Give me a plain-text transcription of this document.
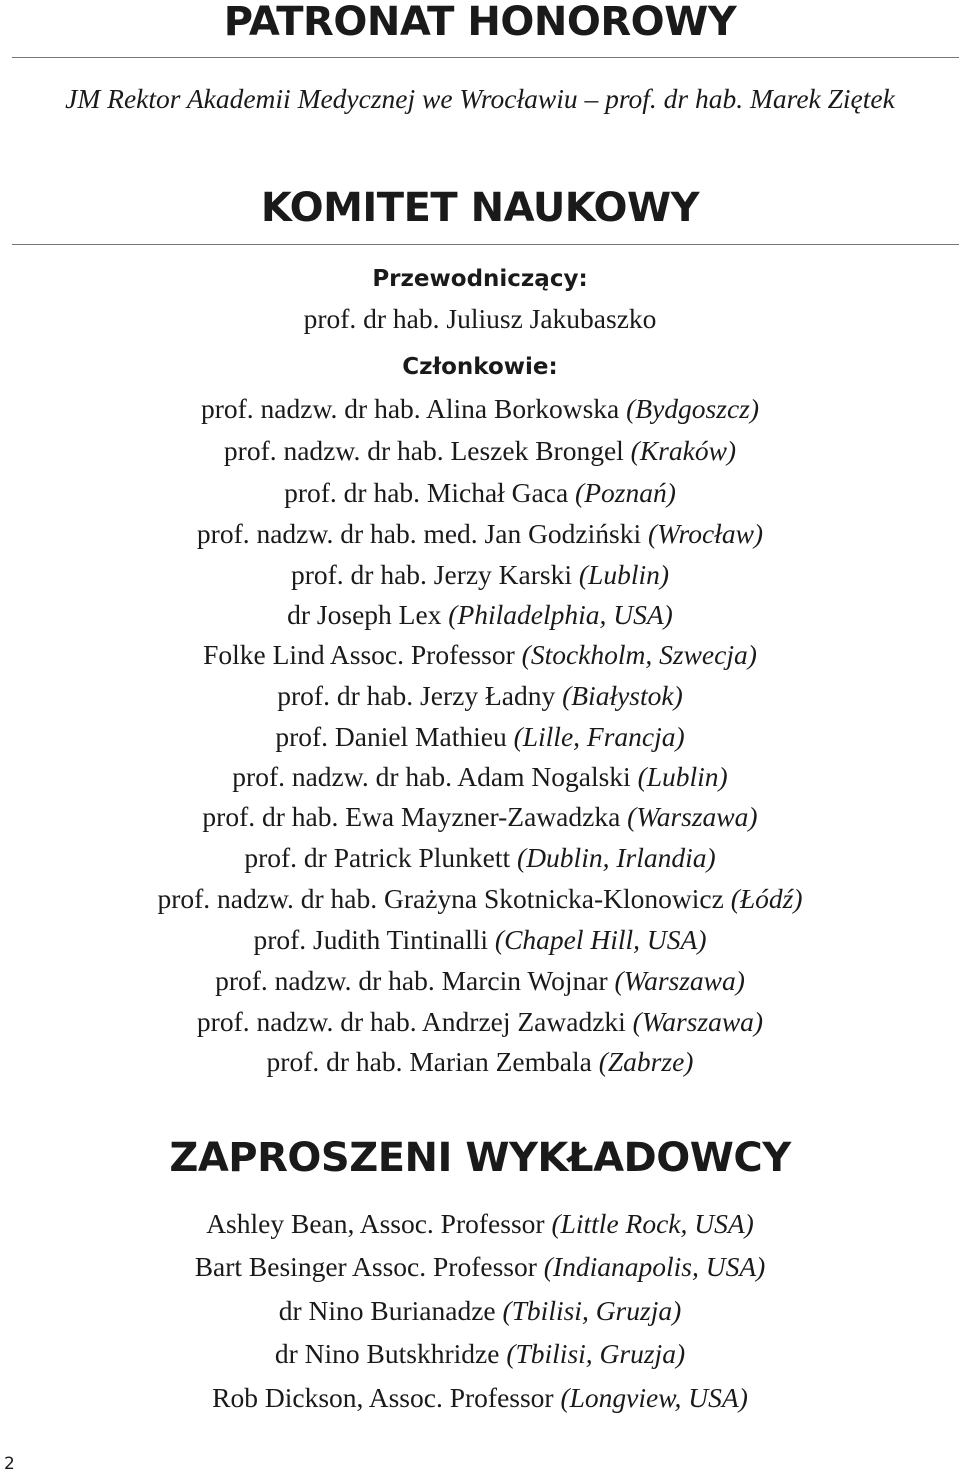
PATRONAT HONOROWY
JM Rektor Akademii Medycznej we Wrocławiu – prof. dr hab. Marek Ziętek
KOMITET NAUKOWY
Przewodniczący:
prof. dr hab. Juliusz Jakubaszko
Członkowie:
prof. nadzw. dr hab. Alina Borkowska (Bydgoszcz)
prof. nadzw. dr hab. Leszek Brongel (Kraków)
prof. dr hab. Michał Gaca (Poznań)
prof. nadzw. dr hab. med. Jan Godziński (Wrocław)
prof. dr hab. Jerzy Karski (Lublin)
dr Joseph Lex (Philadelphia, USA)
Folke Lind Assoc. Professor (Stockholm, Szwecja)
prof. dr hab. Jerzy Ładny (Białystok)
prof. Daniel Mathieu (Lille, Francja)
prof. nadzw. dr hab. Adam Nogalski (Lublin)
prof. dr hab. Ewa Mayzner-Zawadzka (Warszawa)
prof. dr Patrick Plunkett (Dublin, Irlandia)
prof. nadzw. dr hab. Grażyna Skotnicka-Klonowicz (Łódź)
prof. Judith Tintinalli (Chapel Hill, USA)
prof. nadzw. dr hab. Marcin Wojnar (Warszawa)
prof. nadzw. dr hab. Andrzej Zawadzki (Warszawa)
prof. dr hab. Marian Zembala (Zabrze)
ZAPROSZENI WYKŁADOWCY
Ashley Bean, Assoc. Professor (Little Rock, USA)
Bart Besinger Assoc. Professor (Indianapolis, USA)
dr Nino Burianadze (Tbilisi, Gruzja)
dr Nino Butskhridze (Tbilisi, Gruzja)
Rob Dickson, Assoc. Professor (Longview, USA)
2
